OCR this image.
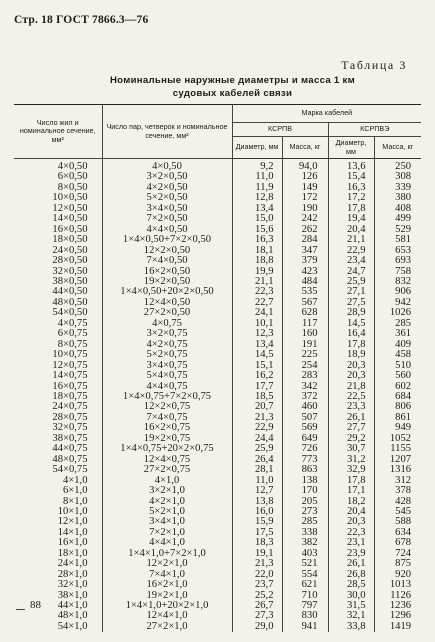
Стр. 18 ГОСТ 7866.3—76
Таблица 3
Номинальные наружные диаметры и масса 1 км
судовых кабелей связи
Число жил и номинальное сечение, мм²	Число пар, четверок и номинальное сечение, мм²	Марка кабелей			
		КСРПВ		КСРПВЭ	
		Диаметр, мм	Масса, кг	Диаметр, мм	Масса, кг
4×0,50	4×0,50	9,2	94,0	13,6	250
6×0,50	3×2×0,50	11,0	126	15,4	308
8×0,50	4×2×0,50	11,9	149	16,3	339
10×0,50	5×2×0,50	12,8	172	17,2	380
12×0,50	3×4×0,50	13,4	190	17,8	408
14×0,50	7×2×0,50	15,0	242	19,4	499
16×0,50	4×4×0,50	15,6	262	20,4	529
18×0,50	1×4×0,50+7×2×0,50	16,3	284	21,1	581
24×0,50	12×2×0,50	18,1	347	22,9	653
28×0,50	7×4×0,50	18,8	379	23,4	693
32×0,50	16×2×0,50	19,9	423	24,7	758
38×0,50	19×2×0,50	21,1	484	25,9	832
44×0,50	1×4×0,50+20×2×0,50	22,3	535	27,1	906
48×0,50	12×4×0,50	22,7	567	27,5	942
54×0,50	27×2×0,50	24,1	628	28,9	1026
4×0,75	4×0,75	10,1	117	14,5	285
6×0,75	3×2×0,75	12,3	160	16,4	361
8×0,75	4×2×0,75	13,4	191	17,8	409
10×0,75	5×2×0,75	14,5	225	18,9	458
12×0,75	3×4×0,75	15,1	254	20,3	510
14×0,75	5×4×0,75	16,2	283	20,3	560
16×0,75	4×4×0,75	17,7	342	21,8	602
18×0,75	1×4×0,75+7×2×0,75	18,5	372	22,5	684
24×0,75	12×2×0,75	20,7	460	23,3	806
28×0,75	7×4×0,75	21,3	507	26,1	861
32×0,75	16×2×0,75	22,9	569	27,7	949
38×0,75	19×2×0,75	24,4	649	29,2	1052
44×0,75	1×4×0,75+20×2×0,75	25,9	726	30,7	1155
48×0,75	12×4×0,75	26,4	773	31,2	1207
54×0,75	27×2×0,75	28,1	863	32,9	1316
4×1,0	4×1,0	11,0	138	17,8	312
6×1,0	3×2×1,0	12,7	170	17,1	378
8×1,0	4×2×1,0	13,8	205	18,2	428
10×1,0	5×2×1,0	16,0	273	20,4	545
12×1,0	3×4×1,0	15,9	285	20,3	588
14×1,0	7×2×1,0	17,5	338	22,3	634
16×1,0	4×4×1,0	18,3	382	23,1	678
18×1,0	1×4×1,0+7×2×1,0	19,1	403	23,9	724
24×1,0	12×2×1,0	21,3	521	26,1	875
28×1,0	7×4×1,0	22,0	554	26,8	920
32×1,0	16×2×1,0	23,7	621	28,5	1013
38×1,0	19×2×1,0	25,2	710	30,0	1126
44×1,0	1×4×1,0+20×2×1,0	26,7	797	31,5	1236
48×1,0	12×4×1,0	27,3	830	32,1	1296
54×1,0	27×2×1,0	29,0	941	33,8	1419
88
